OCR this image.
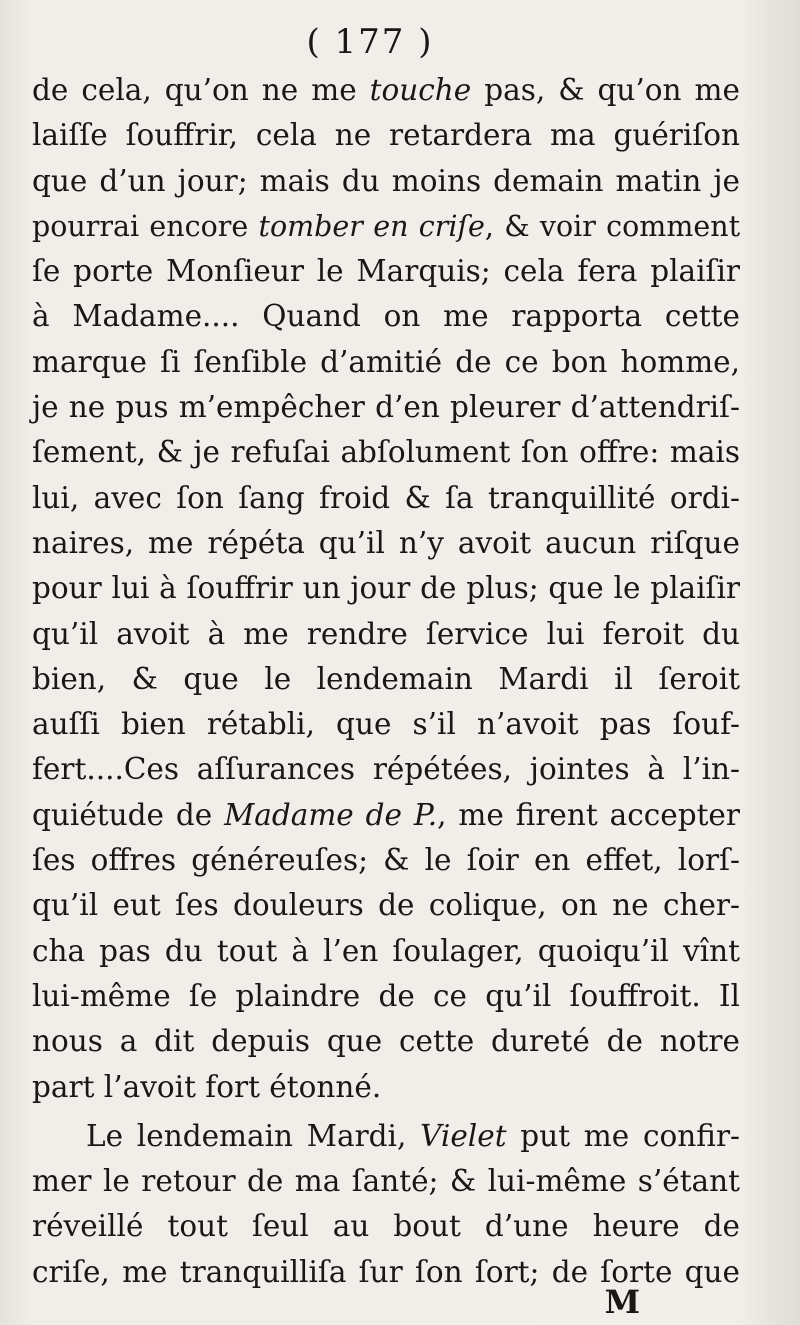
( 177 )
de cela, qu’on ne me touche pas, & qu’on me
laiſſe ſouffrir, cela ne retardera ma guériſon
que d’un jour; mais du moins demain matin je
pourrai encore tomber en criſe, & voir comment
ſe porte Monſieur le Marquis; cela fera plaiſir
à Madame.... Quand on me rapporta cette
marque ſi ſenſible d’amitié de ce bon homme,
je ne pus m’empêcher d’en pleurer d’attendriſ-
ſement, & je refuſai abſolument ſon offre: mais
lui, avec ſon ſang froid & ſa tranquillité ordi-
naires, me répéta qu’il n’y avoit aucun riſque
pour lui à ſouffrir un jour de plus; que le plaiſir
qu’il avoit à me rendre ſervice lui feroit du
bien, & que le lendemain Mardi il ſeroit
auſſi bien rétabli, que s’il n’avoit pas ſouf-
fert....Ces aſſurances répétées, jointes à l’in-
quiétude de Madame de P., me firent accepter
ſes offres généreuſes; & le ſoir en effet, lorſ-
qu’il eut ſes douleurs de colique, on ne cher-
cha pas du tout à l’en ſoulager, quoiqu’il vînt
lui-même ſe plaindre de ce qu’il ſouffroit. Il
nous a dit depuis que cette dureté de notre
part l’avoit fort étonné.
Le lendemain Mardi, Vielet put me confir-
mer le retour de ma ſanté; & lui-même s’étant
réveillé tout ſeul au bout d’une heure de
criſe, me tranquilliſa ſur ſon ſort; de ſorte que
M
